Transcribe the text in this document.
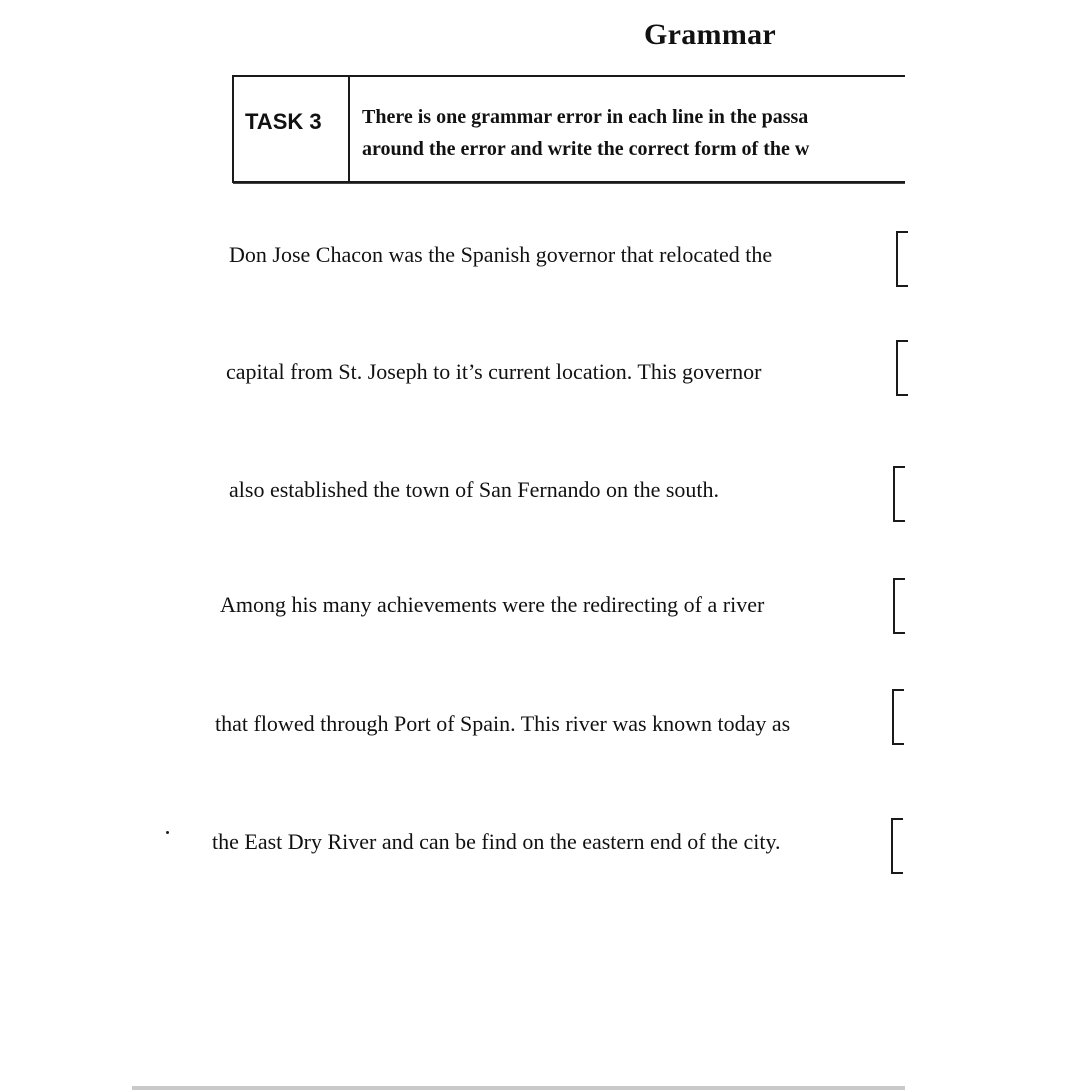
Grammar
TASK 3 There is one grammar error in each line in the passa
around the error and write the correct form of the w
Don Jose Chacon was the Spanish governor that relocated the
capital from St. Joseph to it’s current location. This governor
also established the town of San Fernando on the south.
Among his many achievements were the redirecting of a river
that flowed through Port of Spain. This river was known today as
the East Dry River and can be find on the eastern end of the city.
